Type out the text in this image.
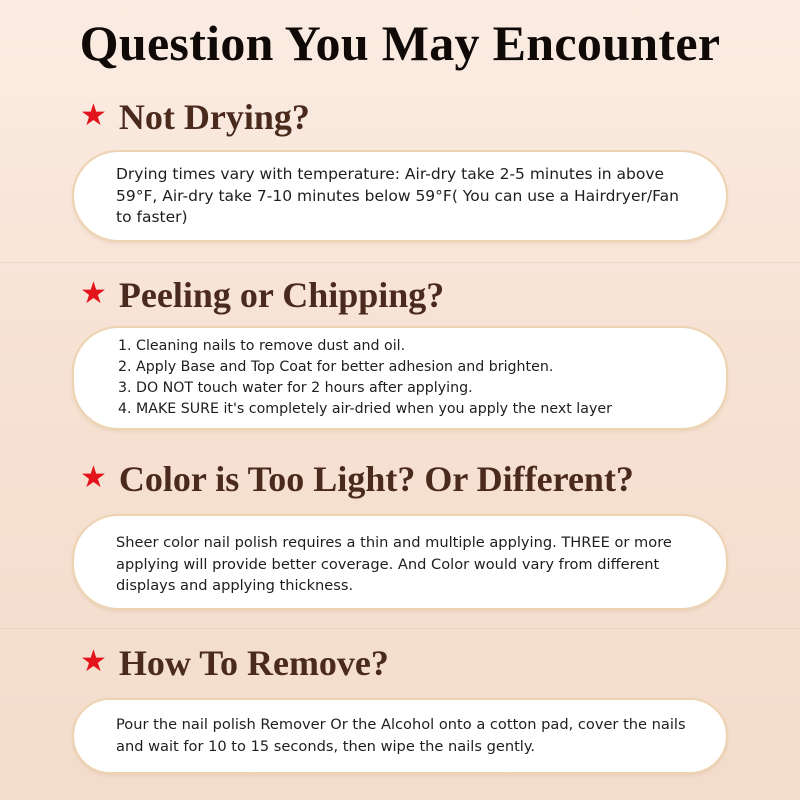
Question You May Encounter
★ Not Drying?

Drying times vary with temperature: Air-dry take 2-5 minutes in above 59°F, Air-dry take 7-10 minutes below 59°F( You can use a Hairdryer/Fan to faster)

★ Peeling or Chipping?
1. Cleaning nails to remove dust and oil.
2. Apply Base and Top Coat for better adhesion and brighten.
3. DO NOT touch water for 2 hours after applying.
4. MAKE SURE it's completely air-dried when you apply the next layer
★ Color is Too Light? Or Different?

Sheer color nail polish requires a thin and multiple applying. THREE or more applying will provide better coverage. And Color would vary from different displays and applying thickness.

★ How To Remove?

Pour the nail polish Remover Or the Alcohol onto a cotton pad, cover the nails and wait for 10 to 15 seconds, then wipe the nails gently.
